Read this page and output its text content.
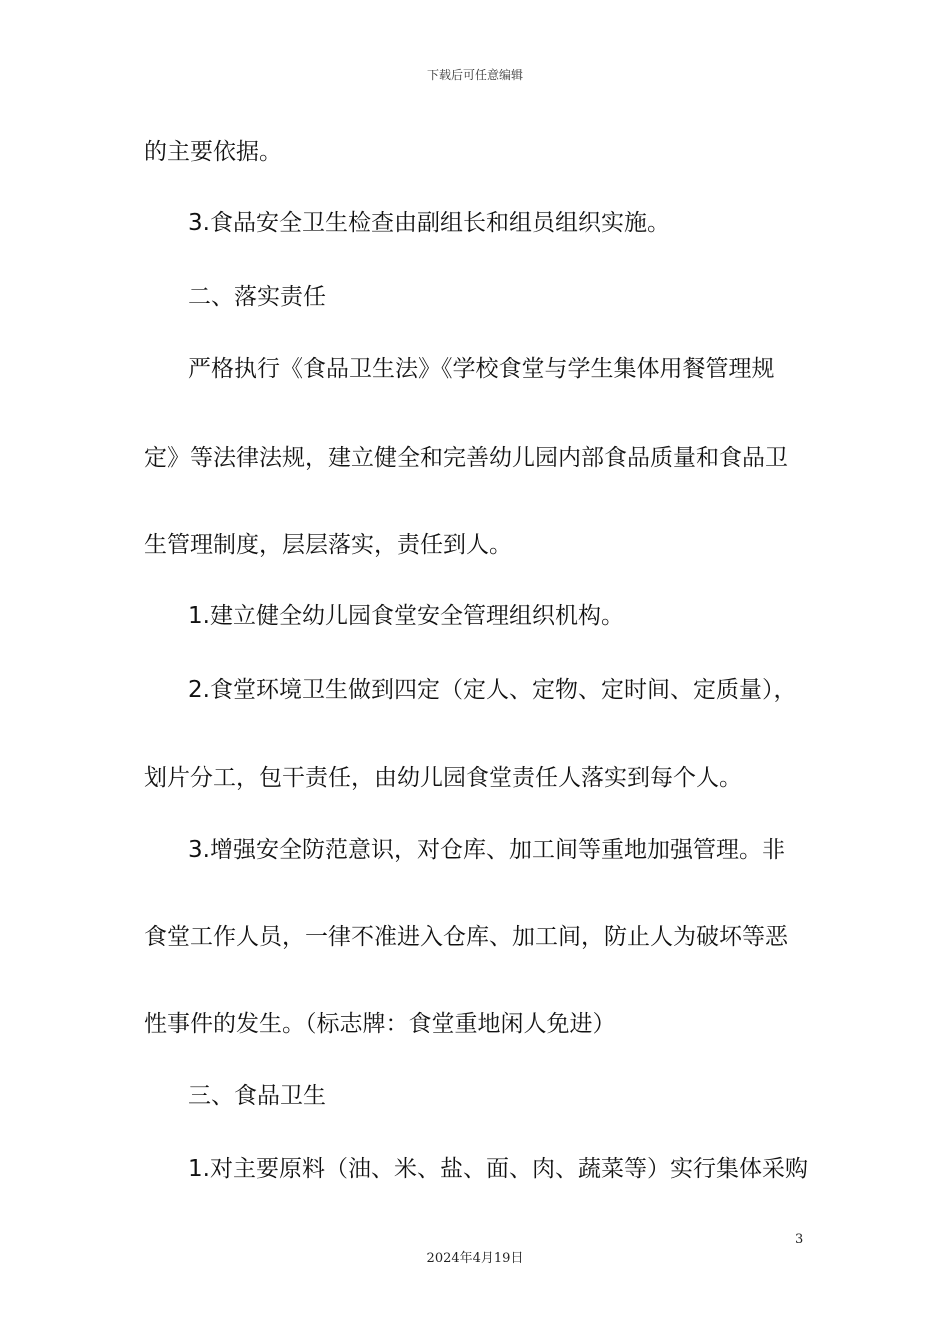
下载后可任意编辑
的主要依据。
3.食品安全卫生检查由副组长和组员组织实施。
二、落实责任
严格执行《食品卫生法》《学校食堂与学生集体用餐管理规
定》等法律法规，建立健全和完善幼儿园内部食品质量和食品卫
生管理制度，层层落实，责任到人。
1.建立健全幼儿园食堂安全管理组织机构。
2.食堂环境卫生做到四定（定人、定物、定时间、定质量），
划片分工，包干责任，由幼儿园食堂责任人落实到每个人。
3.增强安全防范意识，对仓库、加工间等重地加强管理。非
食堂工作人员，一律不准进入仓库、加工间，防止人为破坏等恶
性事件的发生。（标志牌：食堂重地闲人免进）
三、食品卫生
1.对主要原料（油、米、盐、面、肉、蔬菜等）实行集体采购
3
2024年4月19日
